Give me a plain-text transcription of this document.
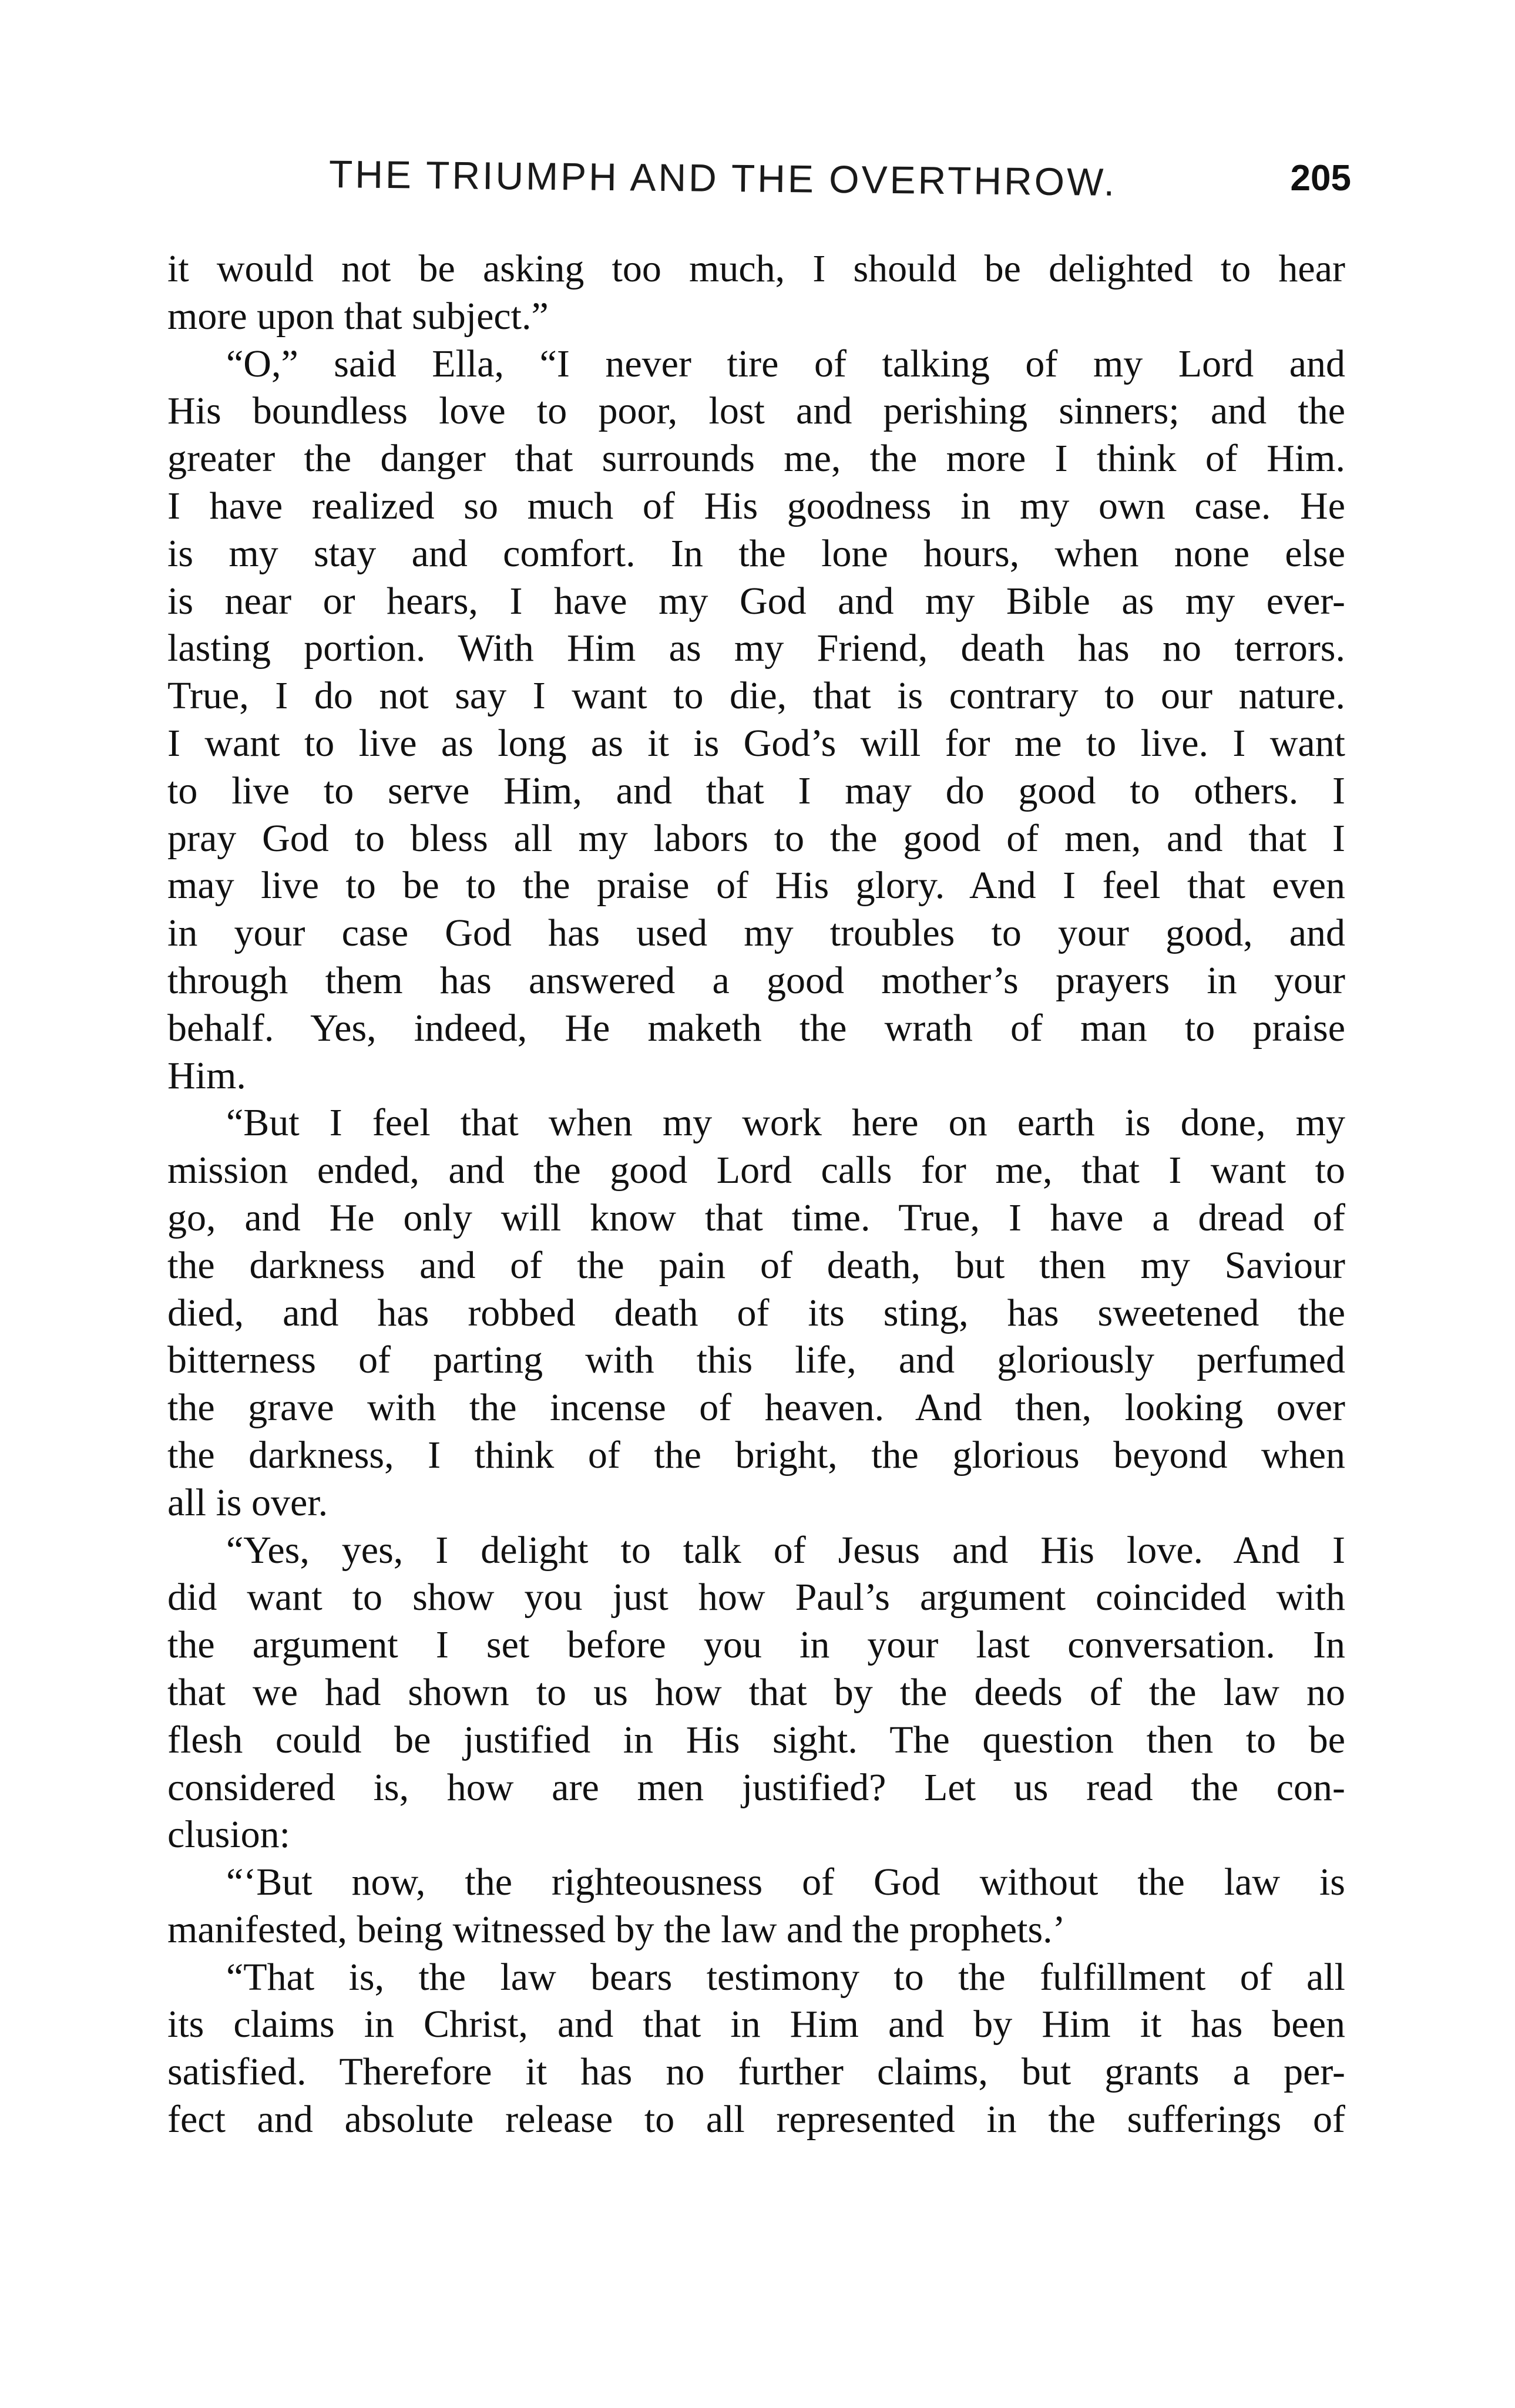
THE TRIUMPH AND THE OVERTHROW.	205
it would not be asking too much, I should be delighted to hear
more upon that subject.”
“O,” said Ella, “I never tire of talking of my Lord and
His boundless love to poor, lost and perishing sinners; and the
greater the danger that surrounds me, the more I think of Him.
I have realized so much of His goodness in my own case. He
is my stay and comfort. In the lone hours, when none else
is near or hears, I have my God and my Bible as my ever-
lasting portion. With Him as my Friend, death has no terrors.
True, I do not say I want to die, that is contrary to our nature.
I want to live as long as it is God’s will for me to live. I want
to live to serve Him, and that I may do good to others. I
pray God to bless all my labors to the good of men, and that I
may live to be to the praise of His glory. And I feel that even
in your case God has used my troubles to your good, and
through them has answered a good mother’s prayers in your
behalf. Yes, indeed, He maketh the wrath of man to praise
Him.
“But I feel that when my work here on earth is done, my
mission ended, and the good Lord calls for me, that I want to
go, and He only will know that time. True, I have a dread of
the darkness and of the pain of death, but then my Saviour
died, and has robbed death of its sting, has sweetened the
bitterness of parting with this life, and gloriously perfumed
the grave with the incense of heaven. And then, looking over
the darkness, I think of the bright, the glorious beyond when
all is over.
“Yes, yes, I delight to talk of Jesus and His love. And I
did want to show you just how Paul’s argument coincided with
the argument I set before you in your last conversation. In
that we had shown to us how that by the deeds of the law no
flesh could be justified in His sight. The question then to be
considered is, how are men justified? Let us read the con-
clusion:
“‘But now, the righteousness of God without the law is
manifested, being witnessed by the law and the prophets.’
“That is, the law bears testimony to the fulfillment of all
its claims in Christ, and that in Him and by Him it has been
satisfied. Therefore it has no further claims, but grants a per-
fect and absolute release to all represented in the sufferings of
